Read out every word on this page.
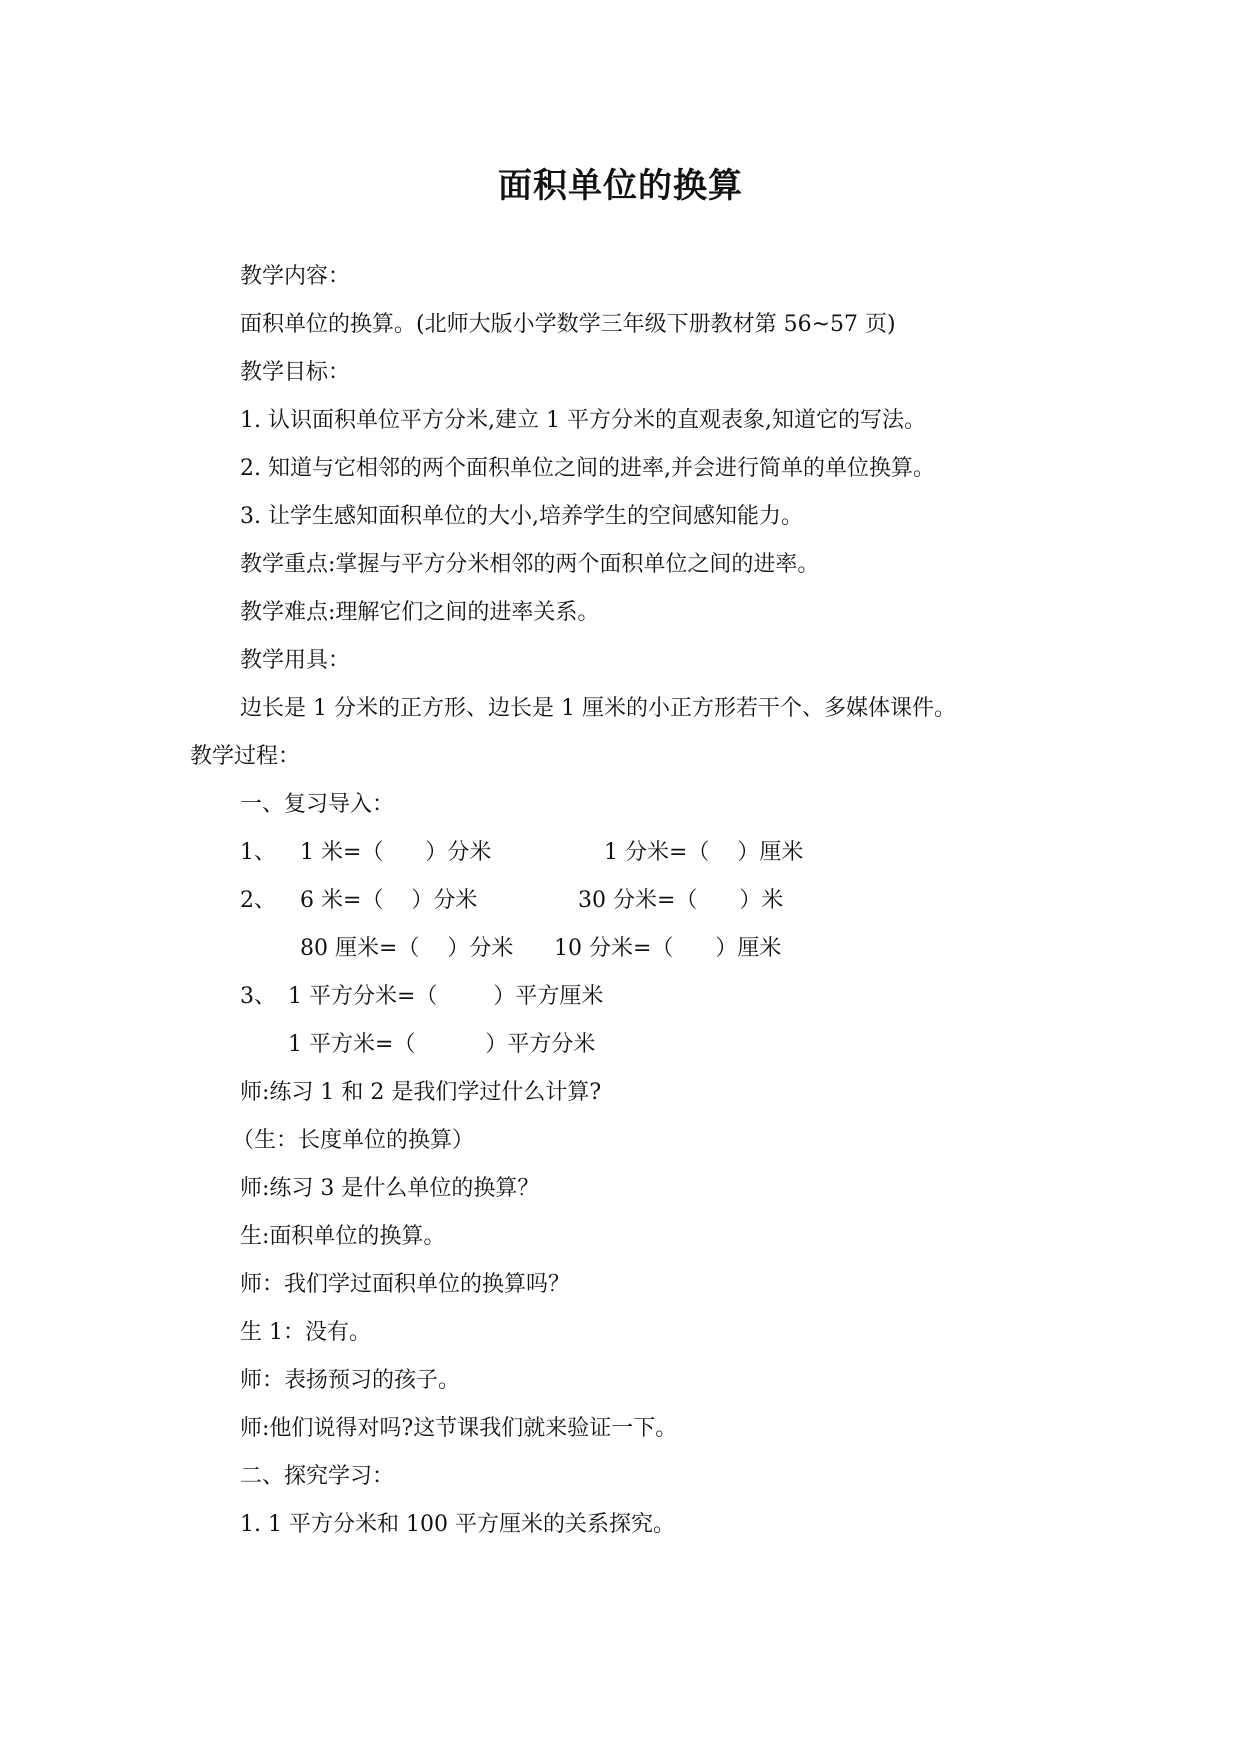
面积单位的换算
教学内容：
面积单位的换算。(北师大版小学数学三年级下册教材第 56~57 页)
教学目标：
1. 认识面积单位平方分米,建立 1 平方分米的直观表象,知道它的写法。
2. 知道与它相邻的两个面积单位之间的进率,并会进行简单的单位换算。
3. 让学生感知面积单位的大小,培养学生的空间感知能力。
教学重点:掌握与平方分米相邻的两个面积单位之间的进率。
教学难点:理解它们之间的进率关系。
教学用具：
边长是 1 分米的正方形、边长是 1 厘米的小正方形若干个、多媒体课件。
教学过程：
一、复习导入：
1、 1 米=（      ）分米	1 分米=（    ）厘米
2、 6 米=（    ）分米	30 分米=（      ）米
80 厘米=（    ）分米 10 分米=（      ）厘米
3、 1 平方分米=（        ）平方厘米
1 平方米=（          ）平方分米
师:练习 1 和 2 是我们学过什么计算?
（生：长度单位的换算）
师:练习 3 是什么单位的换算？
生:面积单位的换算。
师：我们学过面积单位的换算吗？
生 1：没有。
师：表扬预习的孩子。
师:他们说得对吗?这节课我们就来验证一下。
二、探究学习：
1. 1 平方分米和 100 平方厘米的关系探究。
